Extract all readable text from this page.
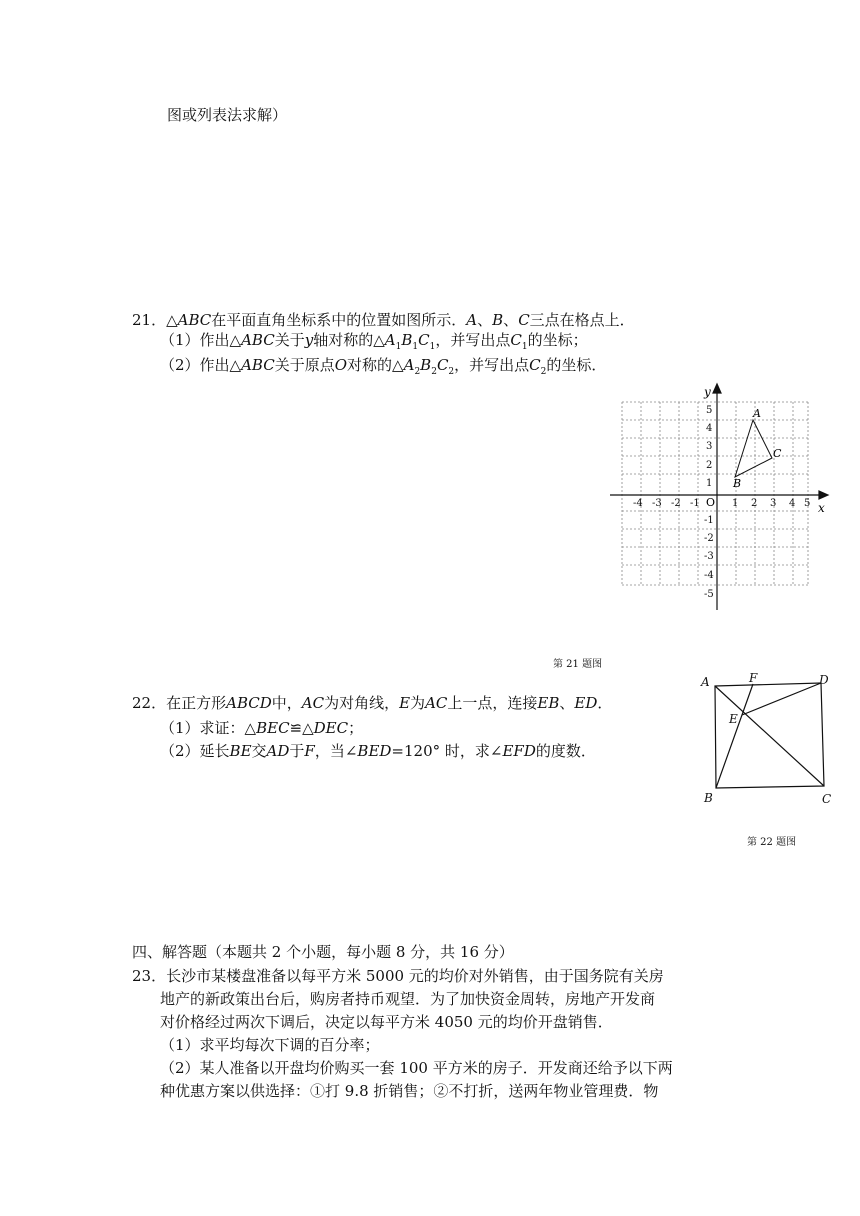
图或列表法求解）
21．△ABC在平面直角坐标系中的位置如图所示．A、B、C三点在格点上．
（1）作出△ABC关于y轴对称的$\triangle A_1B_1C_1$，并写出点$C_1$的坐标；
（2）作出△ABC关于原点O对称的$\triangle A_2B_2C_2$，并写出点$C_2$的坐标．
x
y
O
-4 -3 -2 -1	1 2 3 4 5
5
4
3
2
1
-1
-2
-3
-4
-5
A
B
C
第 21 题图
22．在正方形ABCD中，AC为对角线，E为AC上一点，连接EB、ED．
（1）求证：△BEC≌△DEC；
（2）延长BE交AD于F，当∠BED=120° 时，求∠EFD的度数．
A	F	D
E
B	C
第 22 题图
四、解答题（本题共 2 个小题，每小题 8 分，共 16 分）
23．长沙市某楼盘准备以每平方米 5000 元的均价对外销售，由于国务院有关房
地产的新政策出台后，购房者持币观望．为了加快资金周转，房地产开发商
对价格经过两次下调后，决定以每平方米 4050 元的均价开盘销售．
（1）求平均每次下调的百分率；
（2）某人准备以开盘均价购买一套 100 平方米的房子．开发商还给予以下两
种优惠方案以供选择：①打 9.8 折销售；②不打折，送两年物业管理费．物
